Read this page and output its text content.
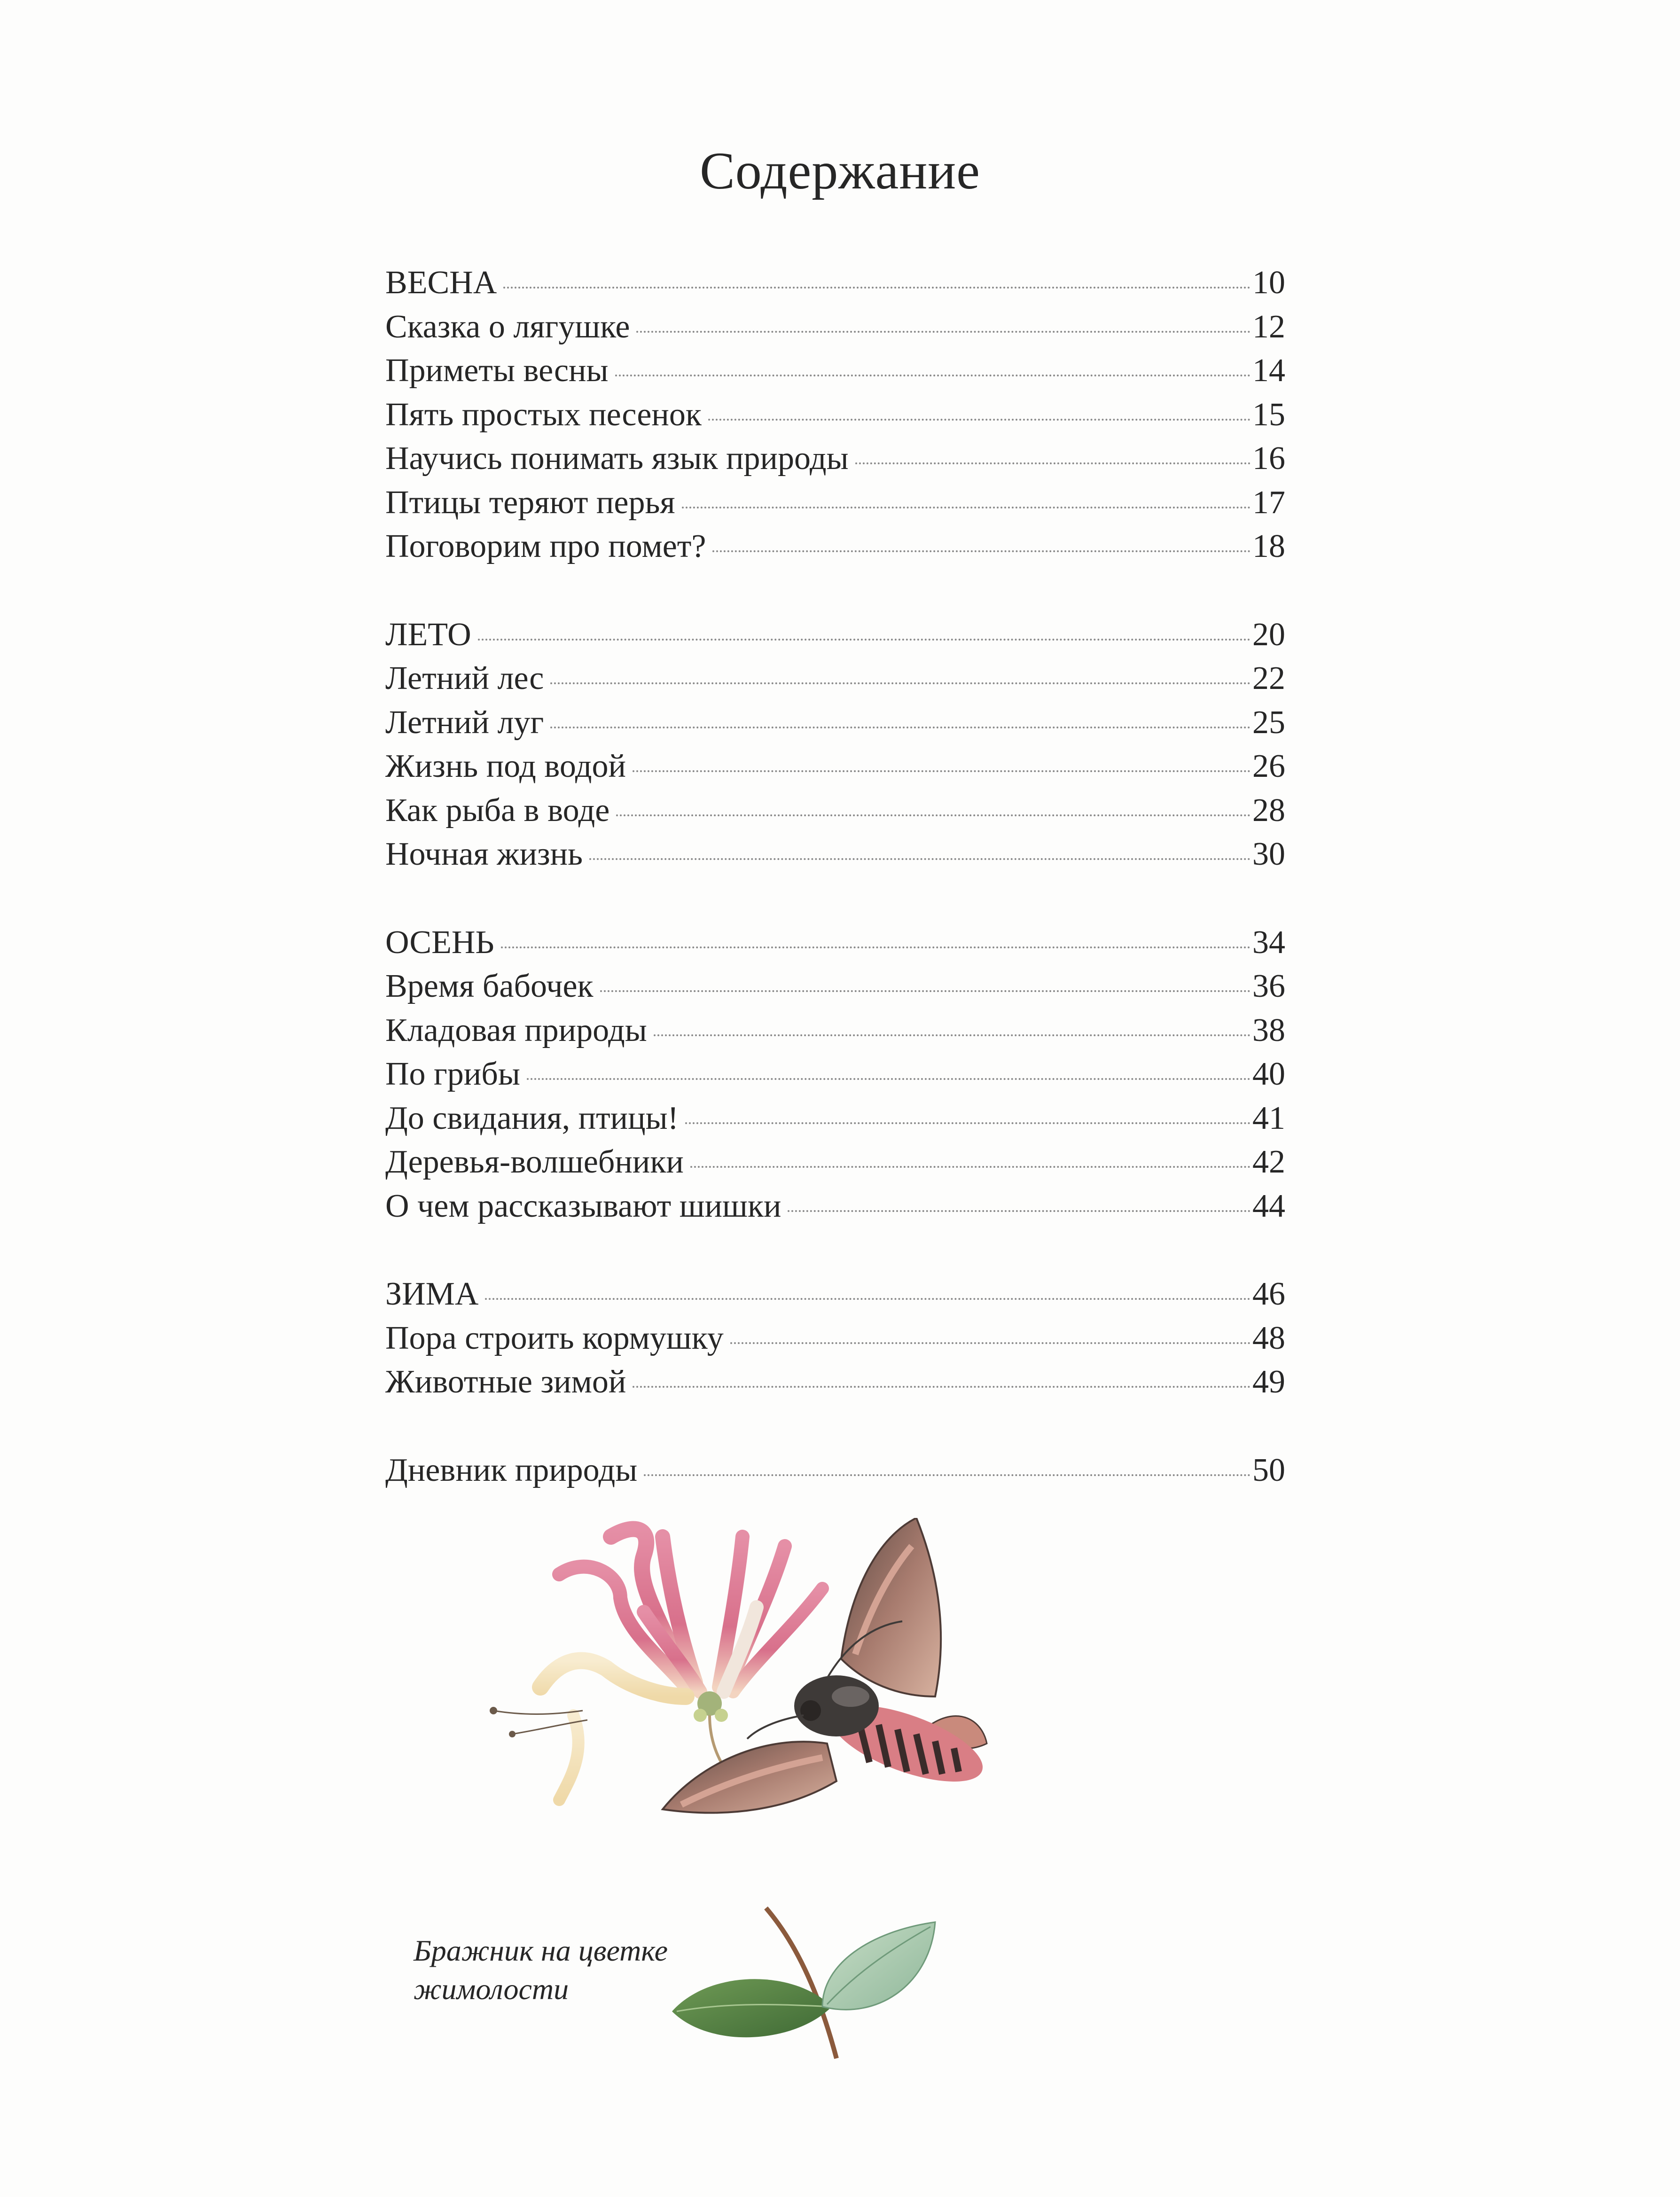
Содержание
ВЕСНА	10
Сказка о лягушке	12
Приметы весны	14
Пять простых песенок	15
Научись понимать язык природы	16
Птицы теряют перья	17
Поговорим про помет?	18
ЛЕТО	20
Летний лес	22
Летний луг	25
Жизнь под водой	26
Как рыба в воде	28
Ночная жизнь	30
ОСЕНЬ	34
Время бабочек	36
Кладовая природы	38
По грибы	40
До свидания, птицы!	41
Деревья-волшебники	42
О чем рассказывают шишки	44
ЗИМА	46
Пора строить кормушку	48
Животные зимой	49
Дневник природы	50
Бражник на цветке
жимолости
